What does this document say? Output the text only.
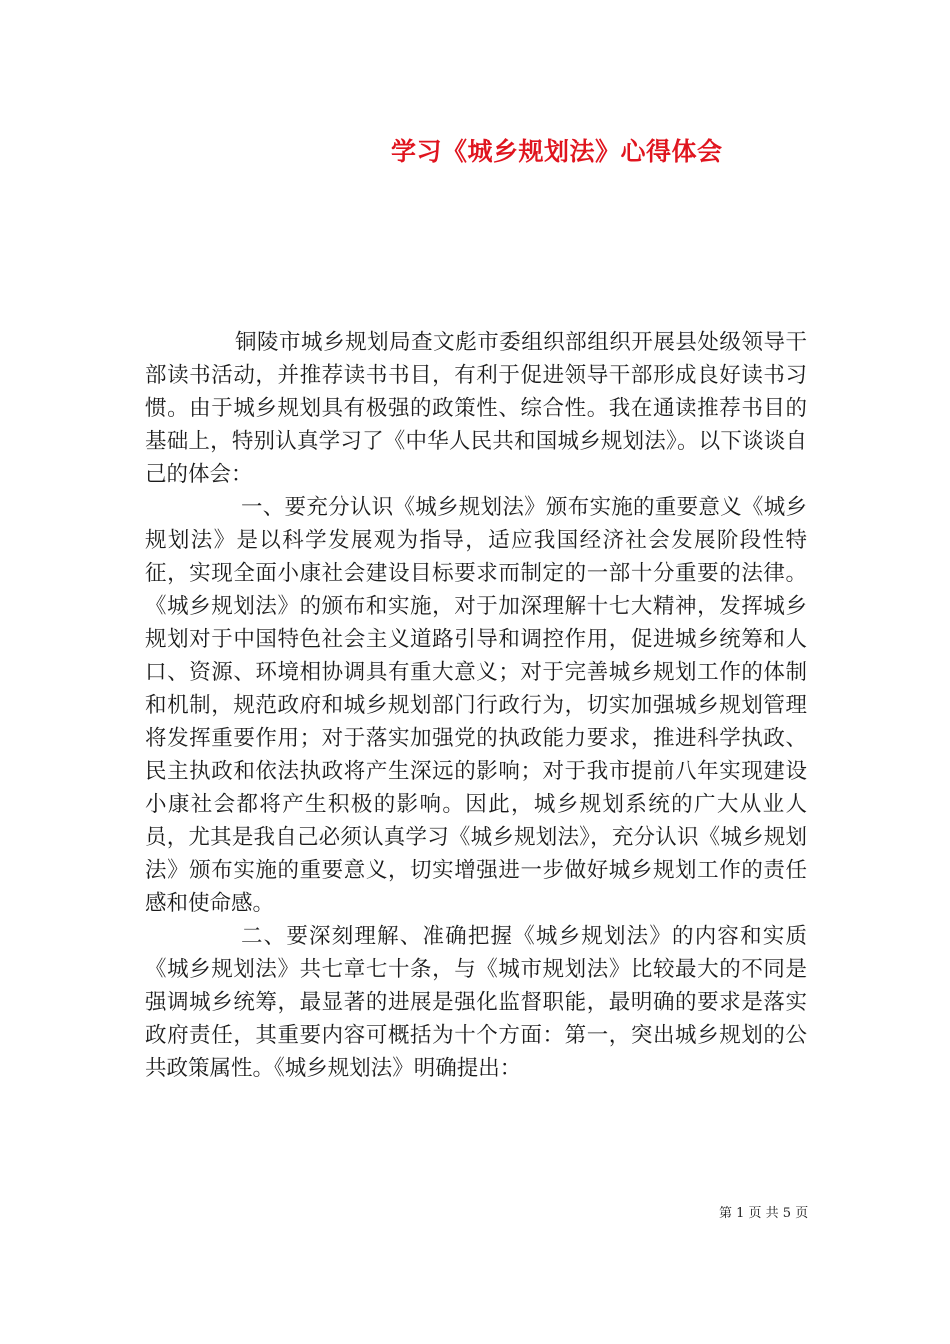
学习《城乡规划法》心得体会

铜陵市城乡规划局查文彪市委组织部组织开展县处级领导干部读书活动，并推荐读书书目，有利于促进领导干部形成良好读书习惯。由于城乡规划具有极强的政策性、综合性。我在通读推荐书目的基础上，特别认真学习了《中华人民共和国城乡规划法》。以下谈谈自己的体会：

一、要充分认识《城乡规划法》颁布实施的重要意义《城乡规划法》是以科学发展观为指导，适应我国经济社会发展阶段性特征，实现全面小康社会建设目标要求而制定的一部十分重要的法律。《城乡规划法》的颁布和实施，对于加深理解十七大精神，发挥城乡规划对于中国特色社会主义道路引导和调控作用，促进城乡统筹和人口、资源、环境相协调具有重大意义；对于完善城乡规划工作的体制和机制，规范政府和城乡规划部门行政行为，切实加强城乡规划管理将发挥重要作用；对于落实加强党的执政能力要求，推进科学执政、民主执政和依法执政将产生深远的影响；对于我市提前八年实现建设小康社会都将产生积极的影响。因此，城乡规划系统的广大从业人员，尤其是我自己必须认真学习《城乡规划法》，充分认识《城乡规划法》颁布实施的重要意义，切实增强进一步做好城乡规划工作的责任感和使命感。

二、要深刻理解、准确把握《城乡规划法》的内容和实质《城乡规划法》共七章七十条，与《城市规划法》比较最大的不同是强调城乡统筹，最显著的进展是强化监督职能，最明确的要求是落实政府责任，其重要内容可概括为十个方面：第一，突出城乡规划的公共政策属性。《城乡规划法》明确提出：

第 1 页 共 5 页
